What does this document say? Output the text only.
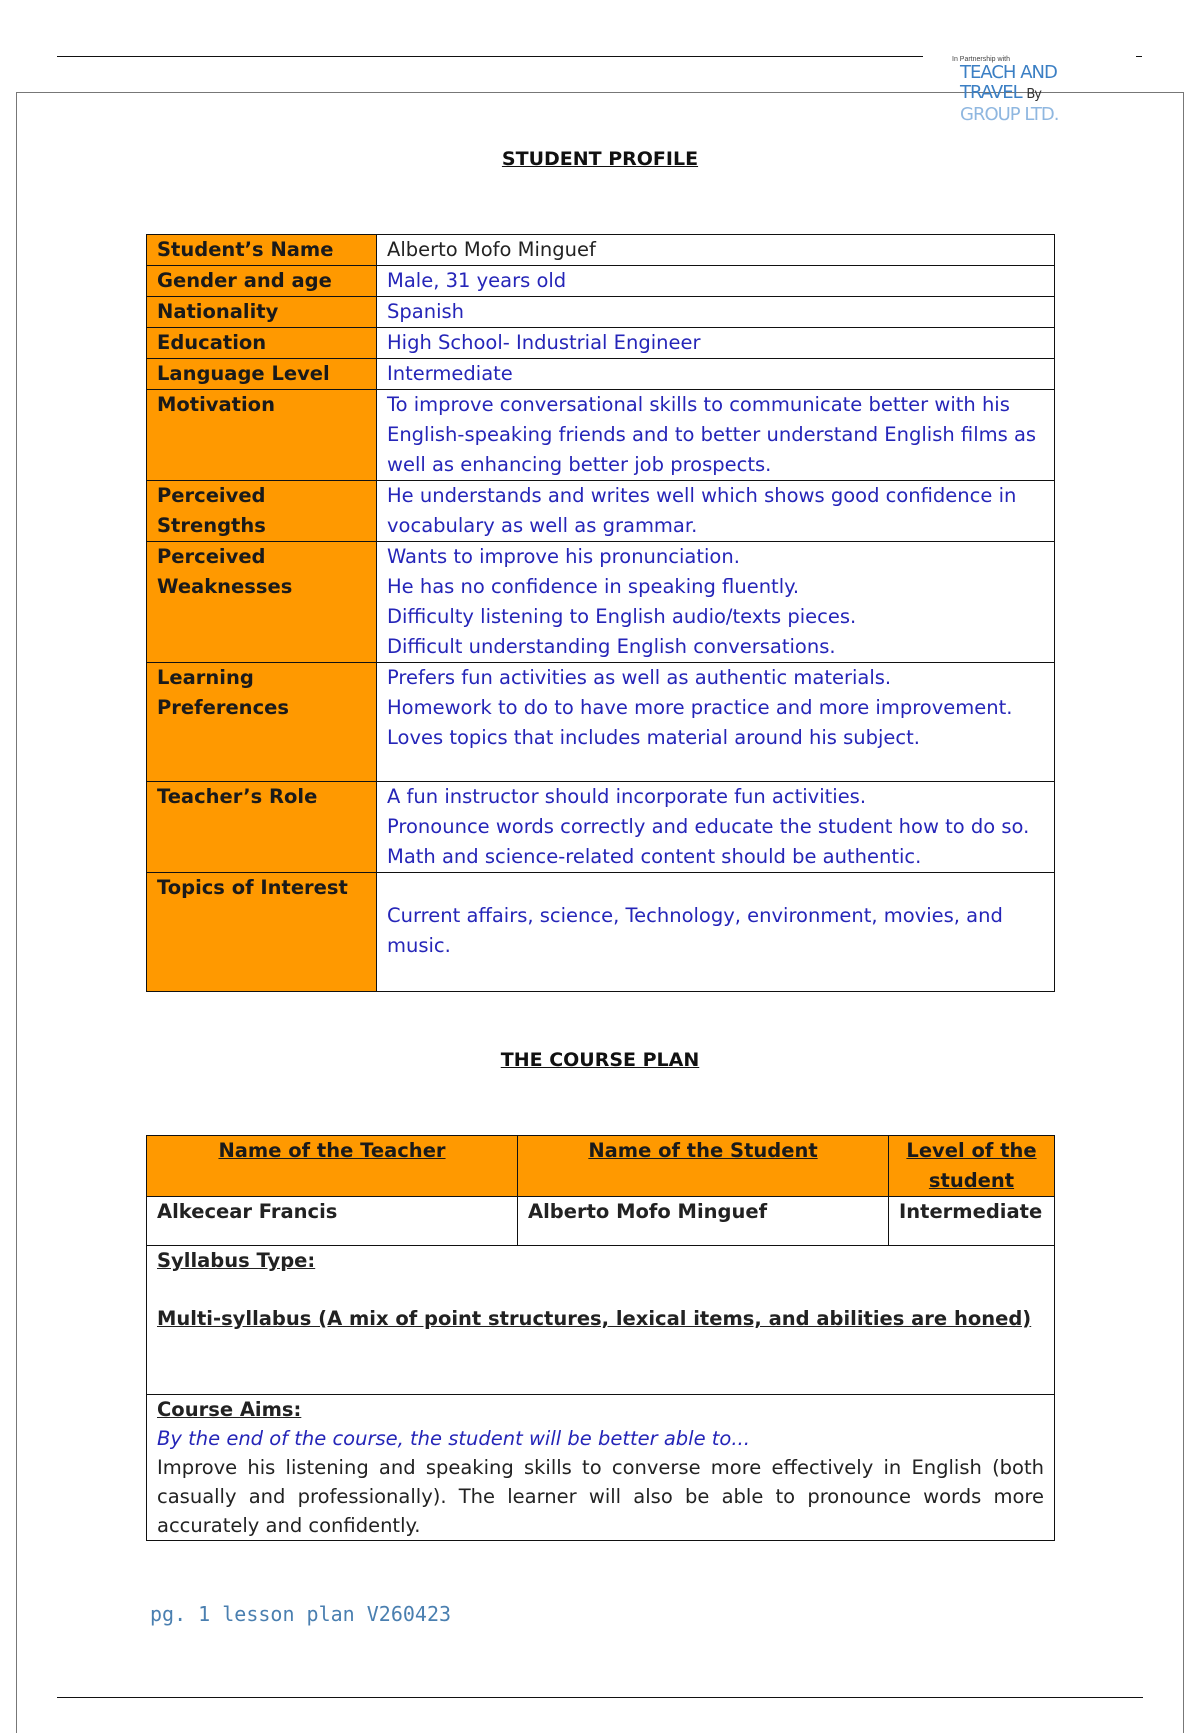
In Partnership with
TEACH AND TRAVEL By
GROUP LTD.
STUDENT PROFILE
Student’s Name	Alberto Mofo Minguef

Gender and age	Male, 31 years old

Nationality	Spanish

Education	High School- Industrial Engineer

Language Level	Intermediate

Motivation	To improve conversational skills to communicate better with his English-speaking friends and to better understand English films as well as enhancing better job prospects.

Perceived Strengths	He understands and writes well which shows good confidence in vocabulary as well as grammar.

Perceived Weaknesses	Wants to improve his pronunciation.
He has no confidence in speaking fluently.
Difficulty listening to English audio/texts pieces.
Difficult understanding English conversations.

Learning Preferences	Prefers fun activities as well as authentic materials.
Homework to do to have more practice and more improvement.
Loves topics that includes material around his subject.

Teacher’s Role	A fun instructor should incorporate fun activities.
Pronounce words correctly and educate the student how to do so.
Math and science-related content should be authentic.

Topics of Interest	Current affairs, science, Technology, environment, movies, and music.
THE COURSE PLAN
Name of the Teacher	Name of the Student	Level of the student
Alkecear Francis	Alberto Mofo Minguef	Intermediate

Syllabus Type:
Multi-syllabus (A mix of point structures, lexical items, and abilities are honed)		

Course Aims:
By the end of the course, the student will be better able to...
Improve his listening and speaking skills to converse more effectively in English (both casually and professionally). The learner will also be able to pronounce words more accurately and confidently.		
pg. 1 lesson plan V260423
